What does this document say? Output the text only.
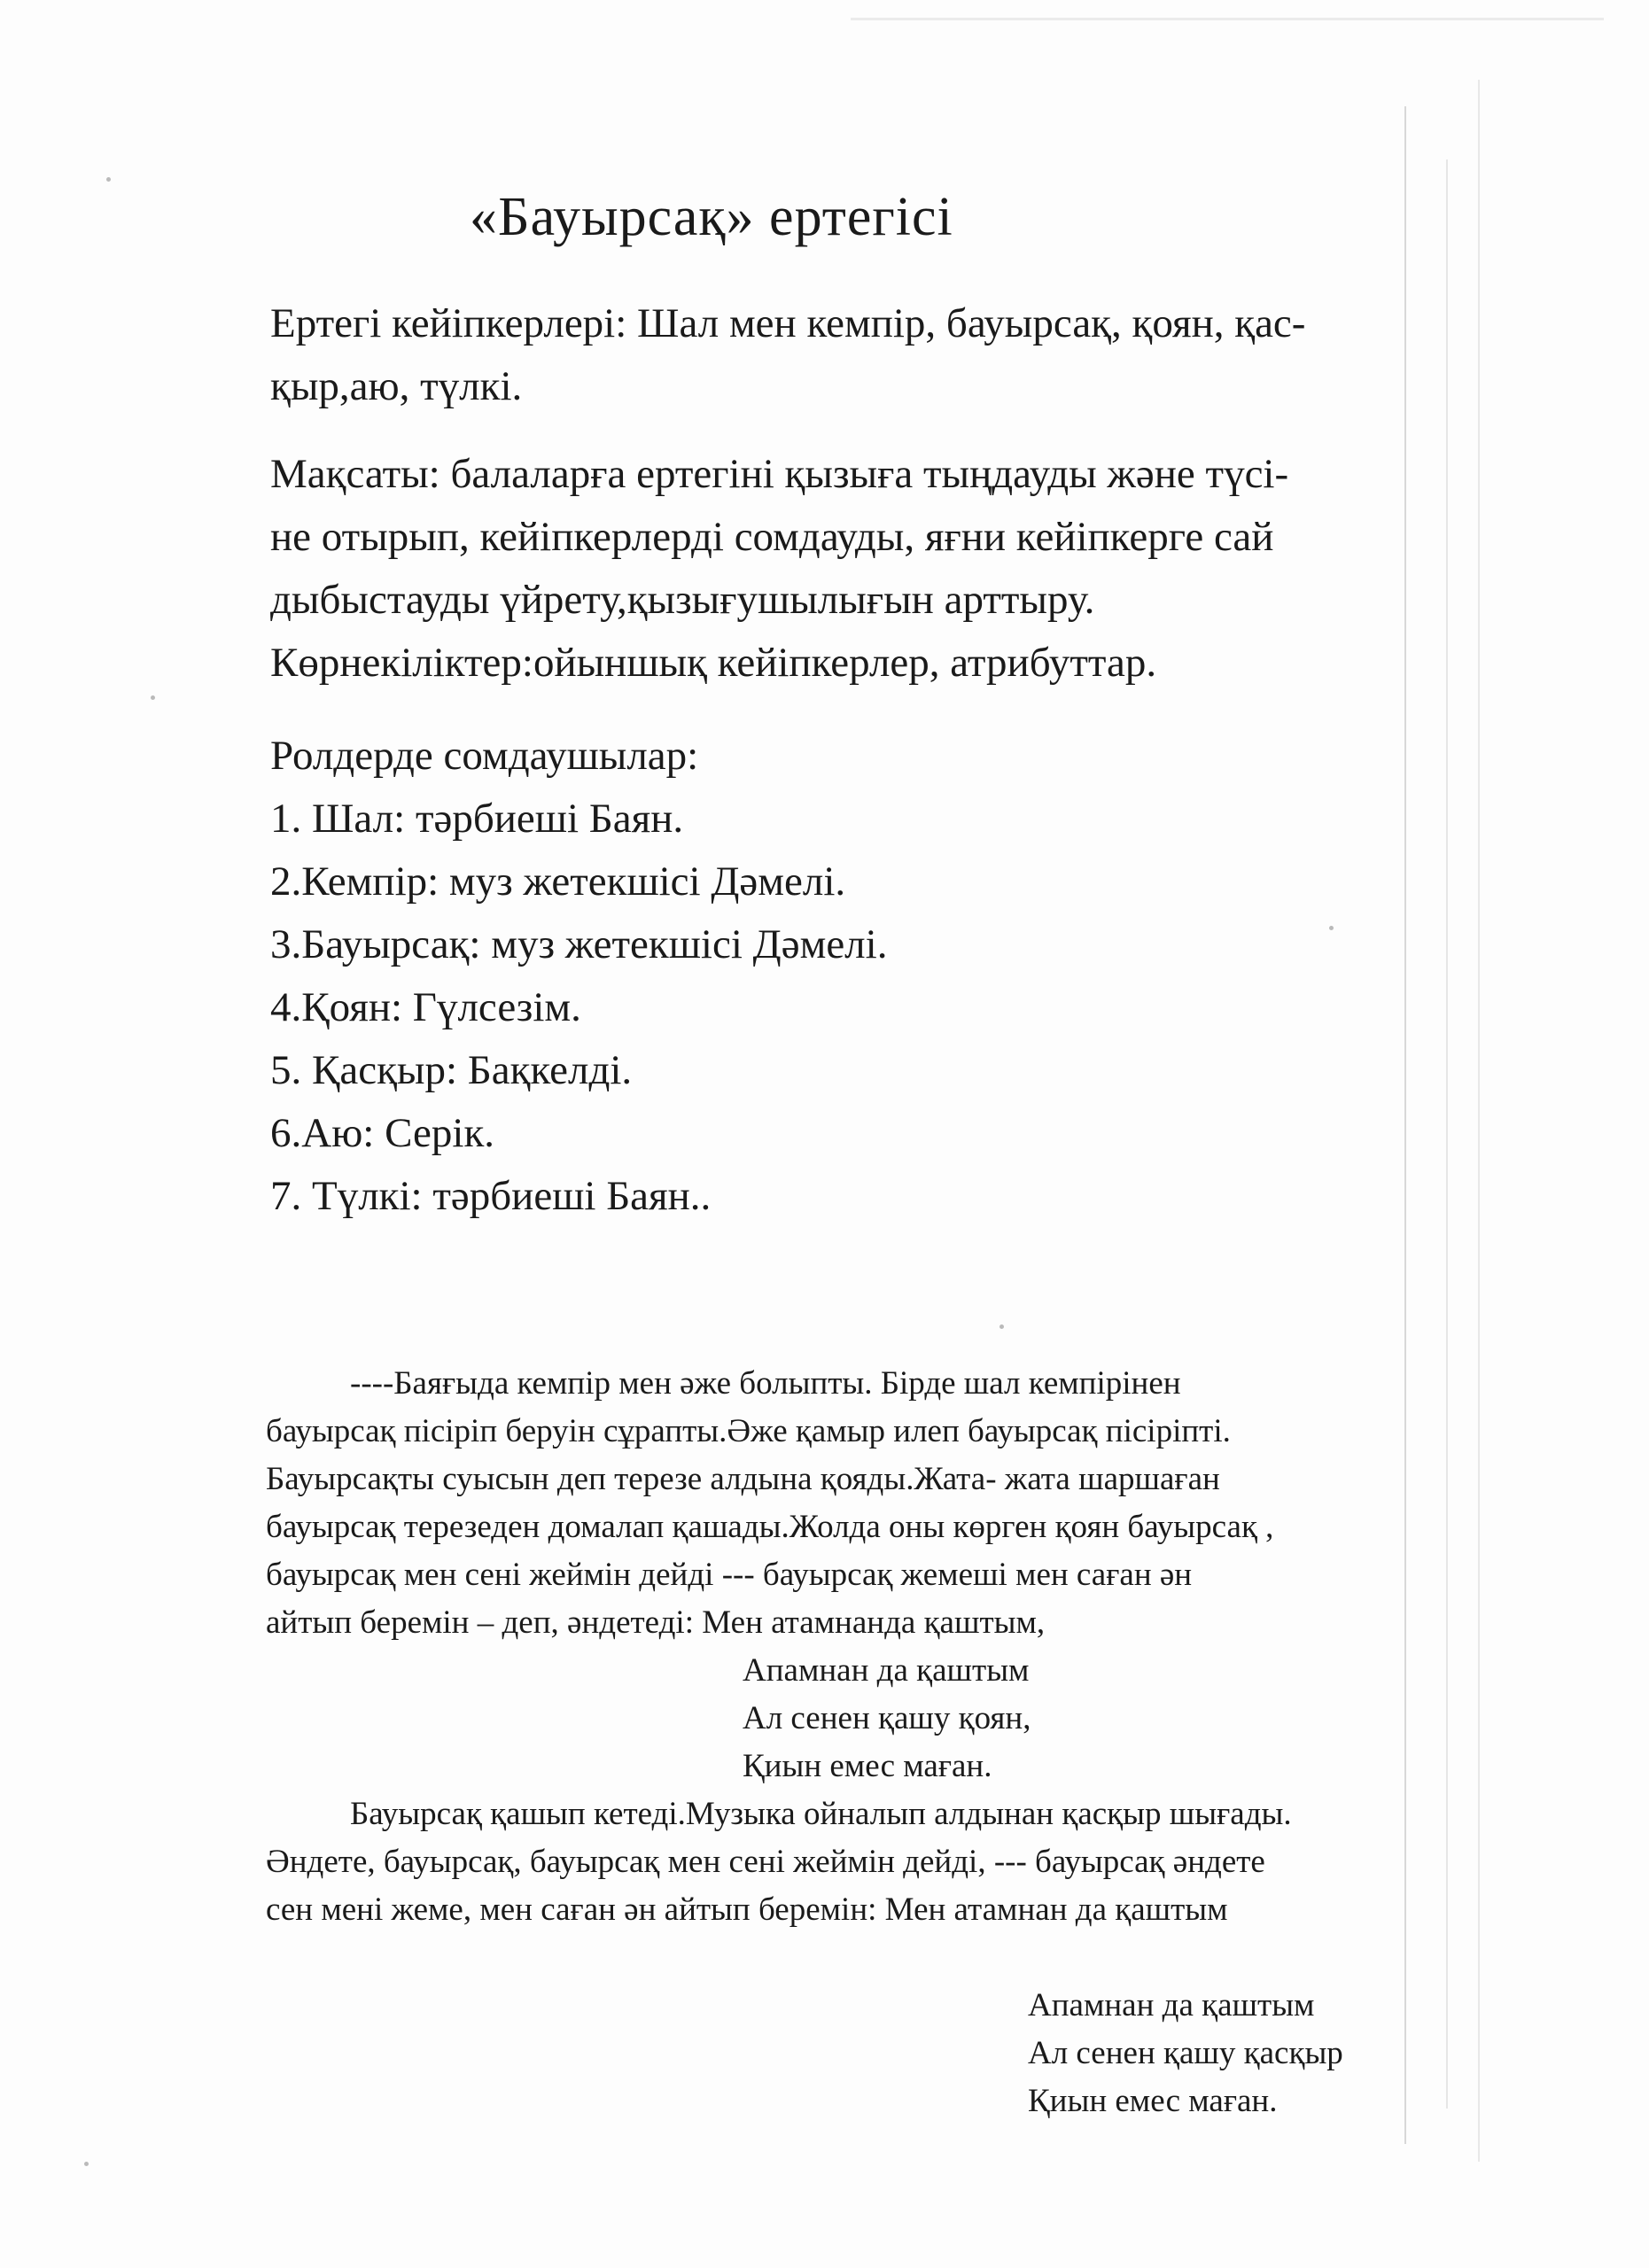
«Бауырсақ» ертегісі

Ертегі кейіпкерлері: Шал мен кемпір, бауырсақ, қоян, қас-

қыр,аю, түлкі.

Мақсаты: балаларға ертегіні қызыға тыңдауды және түсі-

не отырып, кейіпкерлерді сомдауды, яғни кейіпкерге сай

дыбыстауды үйрету,қызығушылығын арттыру.

Көрнекіліктер:ойыншық кейіпкерлер, атрибуттар.

Ролдерде сомдаушылар:

1. Шал: тәрбиеші Баян.
2.Кемпір: муз жетекшісі Дәмелі.
3.Бауырсақ: муз жетекшісі Дәмелі.
4.Қоян: Гүлсезім.
5. Қасқыр: Бақкелді.
6.Аю: Серік.
7. Түлкі: тәрбиеші Баян..

----Баяғыда кемпір мен әже болыпты. Бірде шал кемпірінен

бауырсақ пісіріп беруін сұрапты.Әже қамыр илеп бауырсақ пісіріпті.

Бауырсақты суысын деп терезе алдына қояды.Жата- жата шаршаған

бауырсақ терезеден домалап қашады.Жолда оны көрген қоян бауырсақ ,

бауырсақ мен сені жеймін дейді --- бауырсақ жемеші мен саған ән

айтып беремін – деп, әндетеді: Мен атамнанда қаштым,

Апамнан да қаштым

Ал сенен қашу қоян,

Қиын емес маған.

Бауырсақ қашып кетеді.Музыка ойналып алдынан қасқыр шығады.

Әндете, бауырсақ, бауырсақ мен сені жеймін дейді, --- бауырсақ әндете

сен мені жеме, мен саған ән айтып беремін: Мен атамнан да қаштым

Апамнан да қаштым

Ал сенен қашу қасқыр

Қиын емес маған.
